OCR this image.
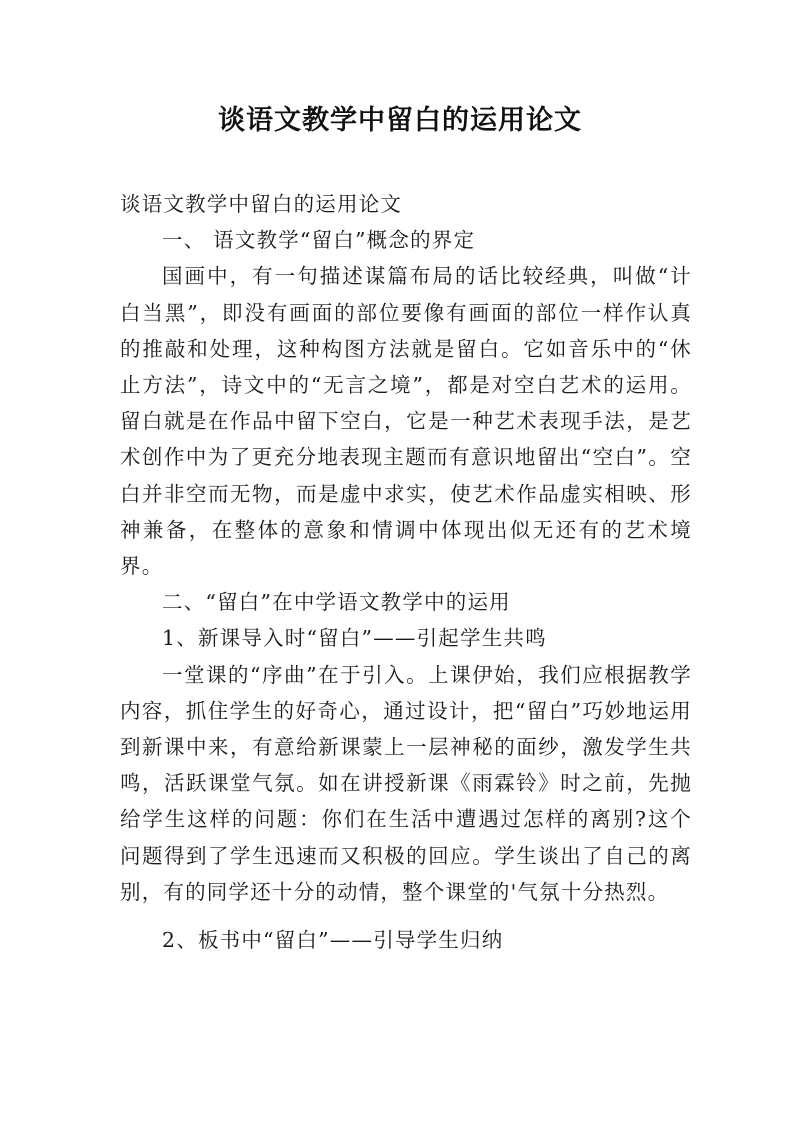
谈语文教学中留白的运用论文

谈语文教学中留白的运用论文

一、 语文教学“留白”概念的界定

国画中，有一句描述谋篇布局的话比较经典，叫做“计白当黑”，即没有画面的部位要像有画面的部位一样作认真的推敲和处理，这种构图方法就是留白。它如音乐中的“休止方法”，诗文中的“无言之境”，都是对空白艺术的运用。留白就是在作品中留下空白，它是一种艺术表现手法，是艺术创作中为了更充分地表现主题而有意识地留出“空白”。空白并非空而无物，而是虚中求实，使艺术作品虚实相映、形神兼备，在整体的意象和情调中体现出似无还有的艺术境界。

二、“留白”在中学语文教学中的运用

1、新课导入时“留白”——引起学生共鸣

一堂课的“序曲”在于引入。上课伊始，我们应根据教学内容，抓住学生的好奇心，通过设计，把“留白”巧妙地运用到新课中来，有意给新课蒙上一层神秘的面纱，激发学生共鸣，活跃课堂气氛。如在讲授新课《雨霖铃》时之前，先抛给学生这样的问题：你们在生活中遭遇过怎样的离别?这个问题得到了学生迅速而又积极的回应。学生谈出了自己的离别，有的同学还十分的动情，整个课堂的'气氛十分热烈。

2、板书中“留白”——引导学生归纳
